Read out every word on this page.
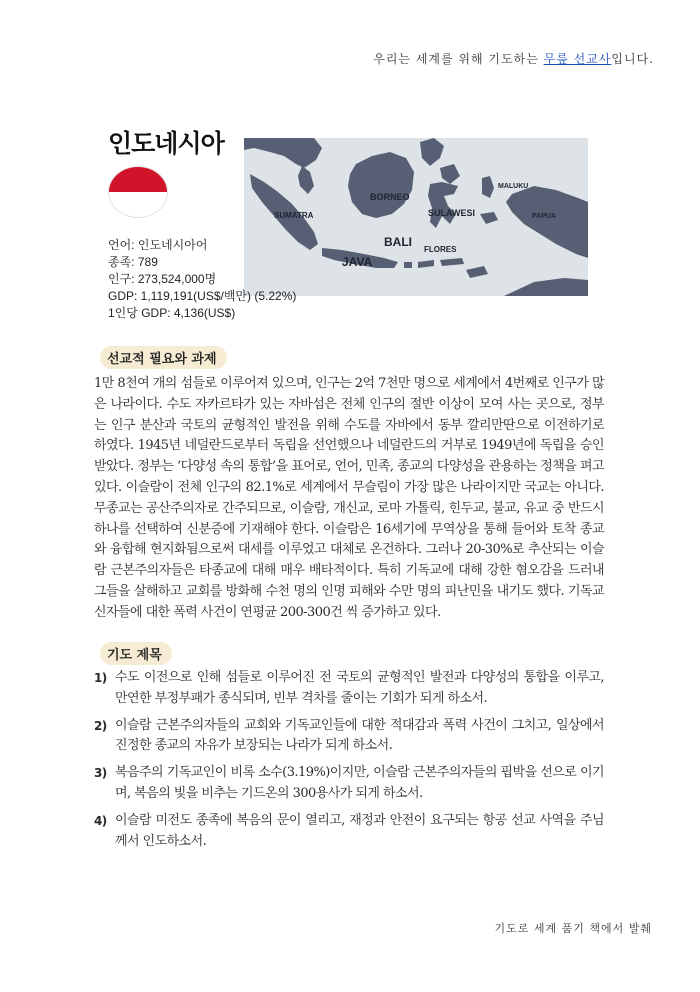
우리는 세계를 위해 기도하는 무릎 선교사입니다.
인도네시아
SUMATRA
BORNEO
SULAWESI
MALUKU
PAPUA
BALI
JAVA
FLORES
언어: 인도네시아어
종족: 789
인구: 273,524,000명
GDP: 1,119,191(US$/백만) (5.22%)
1인당 GDP: 4,136(US$)
선교적 필요와 과제
1만 8천여 개의 섬들로 이루어져 있으며, 인구는 2억 7천만 명으로 세계에서 4번째로 인구가 많은 나라이다. 수도 자카르타가 있는 자바섬은 전체 인구의 절반 이상이 모여 사는 곳으로, 정부는 인구 분산과 국토의 균형적인 발전을 위해 수도를 자바에서 동부 깔리만딴으로 이전하기로 하였다. 1945년 네덜란드로부터 독립을 선언했으나 네덜란드의 거부로 1949년에 독립을 승인받았다. 정부는 ‘다양성 속의 통합’을 표어로, 언어, 민족, 종교의 다양성을 관용하는 정책을 펴고 있다. 이슬람이 전체 인구의 82.1%로 세계에서 무슬림이 가장 많은 나라이지만 국교는 아니다. 무종교는 공산주의자로 간주되므로, 이슬람, 개신교, 로마 가톨릭, 힌두교, 불교, 유교 중 반드시 하나를 선택하여 신분증에 기재해야 한다. 이슬람은 16세기에 무역상을 통해 들어와 토착 종교와 융합해 현지화됨으로써 대세를 이루었고 대체로 온건하다. 그러나 20-30%로 추산되는 이슬람 근본주의자들은 타종교에 대해 매우 배타적이다. 특히 기독교에 대해 강한 혐오감을 드러내 그들을 살해하고 교회를 방화해 수천 명의 인명 피해와 수만 명의 피난민을 내기도 했다. 기독교 신자들에 대한 폭력 사건이 연평균 200-300건 씩 증가하고 있다.
기도 제목
1) 수도 이전으로 인해 섬들로 이루어진 전 국토의 균형적인 발전과 다양성의 통합을 이루고, 만연한 부정부패가 종식되며, 빈부 격차를 줄이는 기회가 되게 하소서.
2) 이슬람 근본주의자들의 교회와 기독교인들에 대한 적대감과 폭력 사건이 그치고, 일상에서 진정한 종교의 자유가 보장되는 나라가 되게 하소서.
3) 복음주의 기독교인이 비록 소수(3.19%)이지만, 이슬람 근본주의자들의 핍박을 선으로 이기며, 복음의 빛을 비추는 기드온의 300용사가 되게 하소서.
4) 이슬람 미전도 종족에 복음의 문이 열리고, 재정과 안전이 요구되는 항공 선교 사역을 주님께서 인도하소서.
기도로 세계 품기 책에서 발췌
